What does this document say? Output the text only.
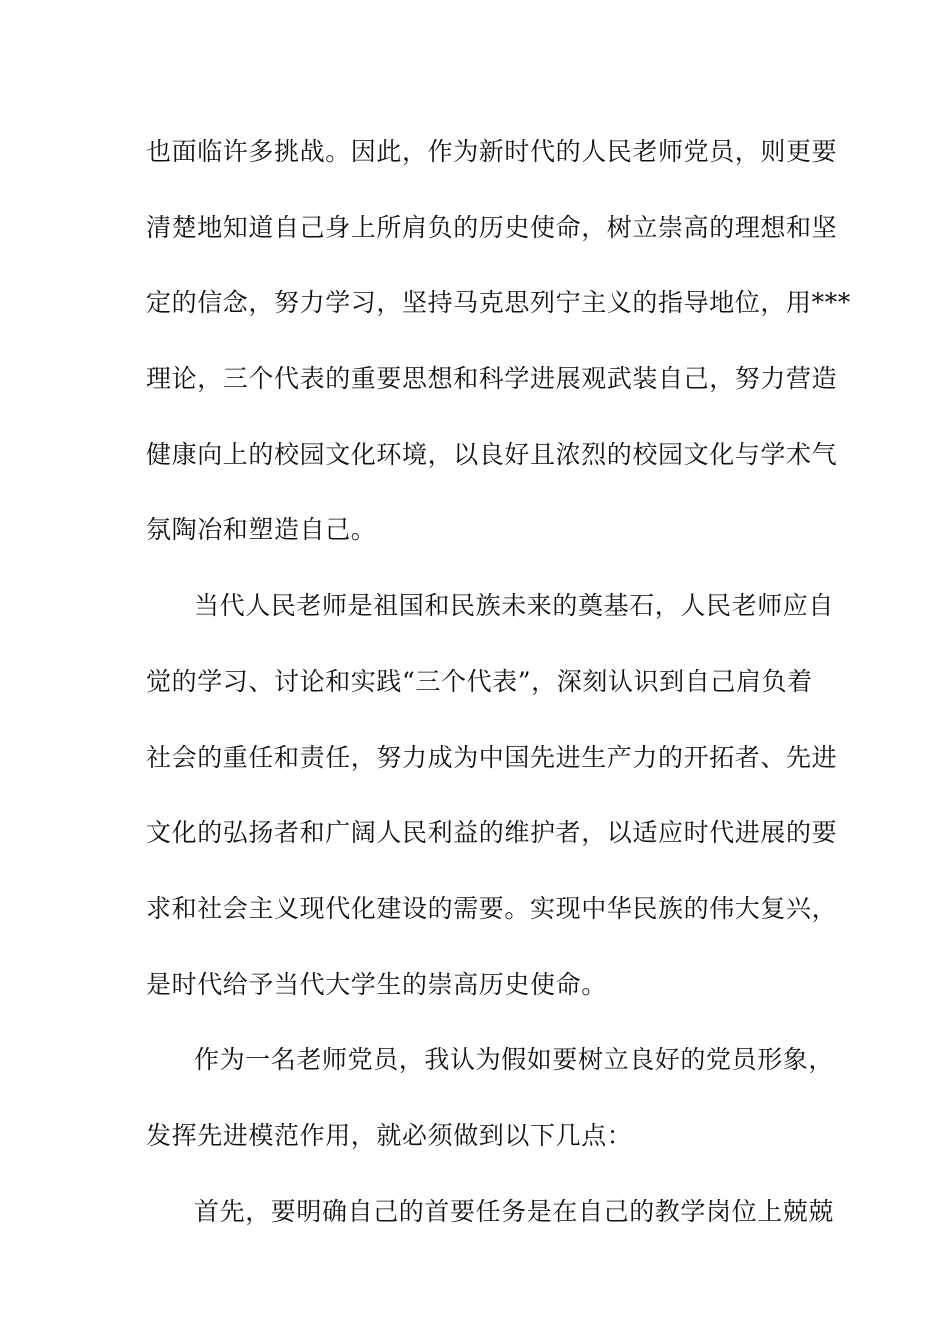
也面临许多挑战。因此，作为新时代的人民老师党员，则更要
清楚地知道自己身上所肩负的历史使命，树立崇高的理想和坚
定的信念，努力学习，坚持马克思列宁主义的指导地位，用***
理论，三个代表的重要思想和科学进展观武装自己，努力营造
健康向上的校园文化环境，以良好且浓烈的校园文化与学术气
氛陶冶和塑造自己。
当代人民老师是祖国和民族未来的奠基石，人民老师应自
觉的学习、讨论和实践“三个代表”，深刻认识到自己肩负着
社会的重任和责任，努力成为中国先进生产力的开拓者、先进
文化的弘扬者和广阔人民利益的维护者，以适应时代进展的要
求和社会主义现代化建设的需要。实现中华民族的伟大复兴，
是时代给予当代大学生的崇高历史使命。
作为一名老师党员，我认为假如要树立良好的党员形象，
发挥先进模范作用，就必须做到以下几点：
首先，要明确自己的首要任务是在自己的教学岗位上兢兢
